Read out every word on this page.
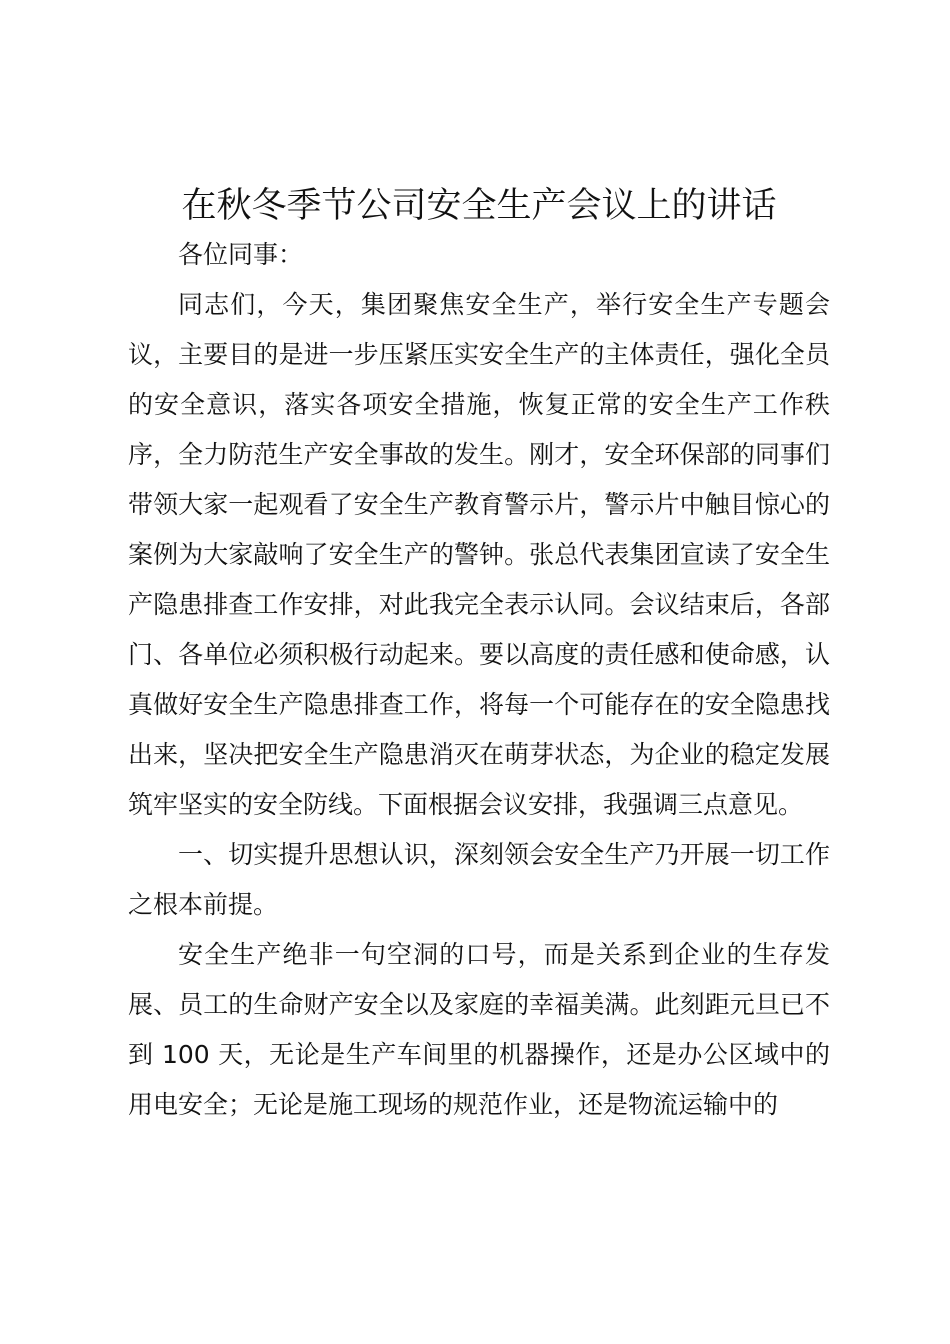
在秋冬季节公司安全生产会议上的讲话

各位同事：

同志们，今天，集团聚焦安全生产，举行安全生产专题会议，主要目的是进一步压紧压实安全生产的主体责任，强化全员的安全意识，落实各项安全措施，恢复正常的安全生产工作秩序，全力防范生产安全事故的发生。刚才，安全环保部的同事们带领大家一起观看了安全生产教育警示片，警示片中触目惊心的案例为大家敲响了安全生产的警钟。张总代表集团宣读了安全生产隐患排查工作安排，对此我完全表示认同。会议结束后，各部门、各单位必须积极行动起来。要以高度的责任感和使命感，认真做好安全生产隐患排查工作，将每一个可能存在的安全隐患找出来，坚决把安全生产隐患消灭在萌芽状态，为企业的稳定发展筑牢坚实的安全防线。下面根据会议安排，我强调三点意见。

一、切实提升思想认识，深刻领会安全生产乃开展一切工作之根本前提。

安全生产绝非一句空洞的口号，而是关系到企业的生存发展、员工的生命财产安全以及家庭的幸福美满。此刻距元旦已不到 100 天，无论是生产车间里的机器操作，还是办公区域中的用电安全；无论是施工现场的规范作业，还是物流运输中的
